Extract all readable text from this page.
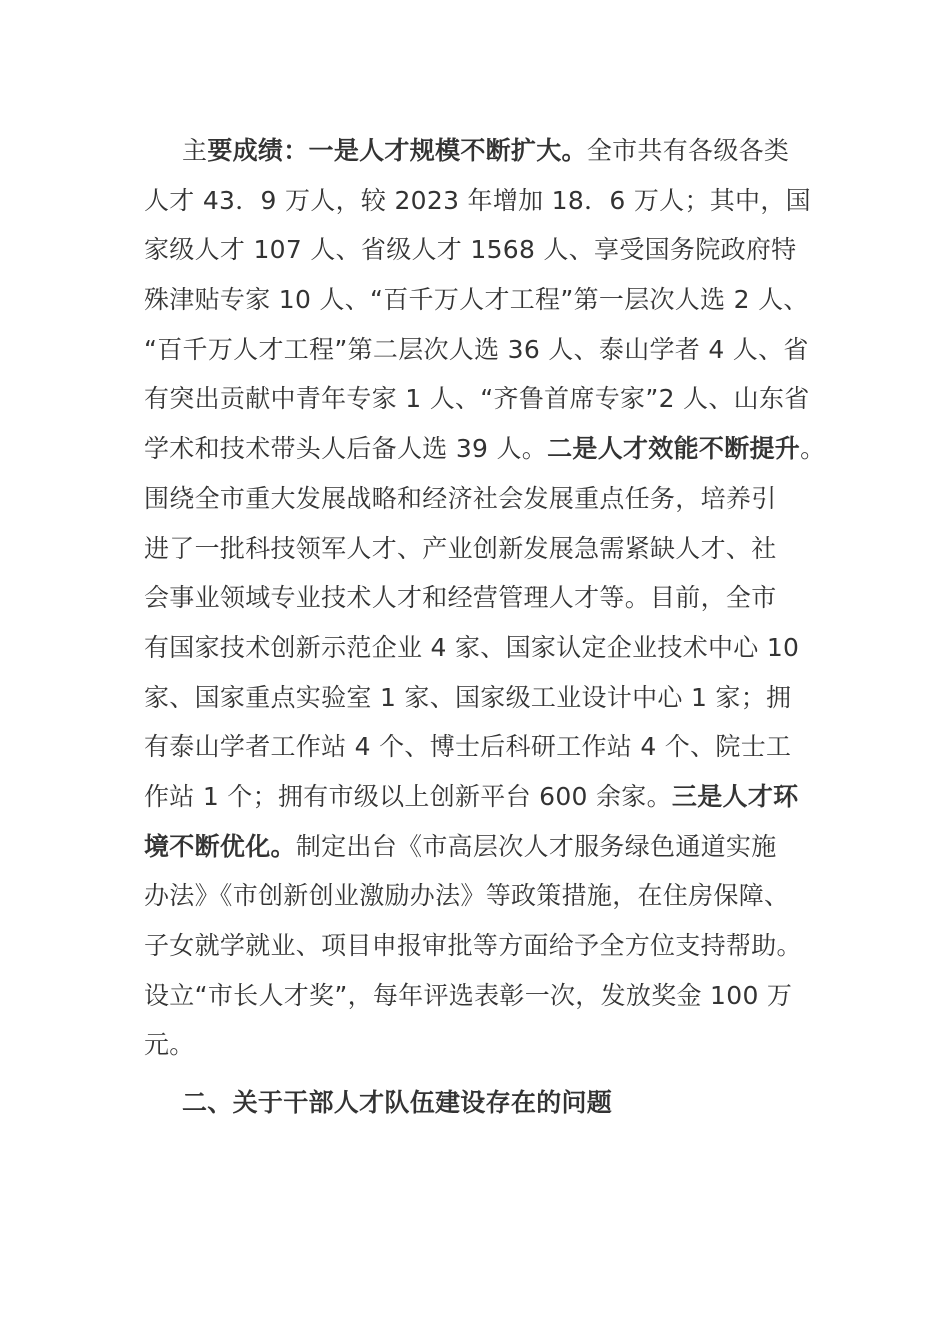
主要成绩：一是人才规模不断扩大。全市共有各级各类
人才 43．9 万人，较 2023 年增加 18．6 万人；其中，国
家级人才 107 人、省级人才 1568 人、享受国务院政府特
殊津贴专家 10 人、“百千万人才工程”第一层次人选 2 人、
“百千万人才工程”第二层次人选 36 人、泰山学者 4 人、省
有突出贡献中青年专家 1 人、“齐鲁首席专家”2 人、山东省
学术和技术带头人后备人选 39 人。二是人才效能不断提升。
围绕全市重大发展战略和经济社会发展重点任务，培养引
进了一批科技领军人才、产业创新发展急需紧缺人才、社
会事业领域专业技术人才和经营管理人才等。目前，全市
有国家技术创新示范企业 4 家、国家认定企业技术中心 10
家、国家重点实验室 1 家、国家级工业设计中心 1 家；拥
有泰山学者工作站 4 个、博士后科研工作站 4 个、院士工
作站 1 个；拥有市级以上创新平台 600 余家。三是人才环
境不断优化。制定出台《市高层次人才服务绿色通道实施
办法》《市创新创业激励办法》等政策措施，在住房保障、
子女就学就业、项目申报审批等方面给予全方位支持帮助。
设立“市长人才奖”，每年评选表彰一次，发放奖金 100 万
元。
二、关于干部人才队伍建设存在的问题
